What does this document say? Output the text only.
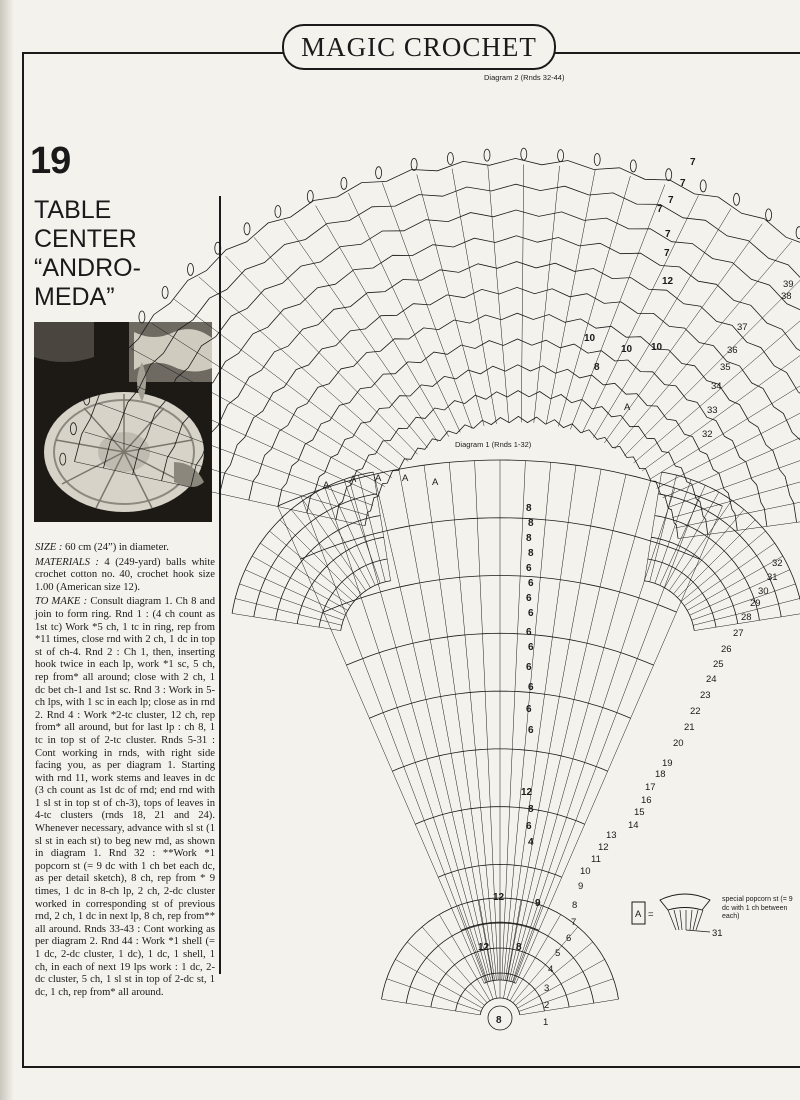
MAGIC CROCHET
19
TABLE
CENTER
“ANDRO-
MEDA”

SIZE : 60 cm (24”) in diameter.

MATERIALS : 4 (249-yard) balls white crochet cotton no. 40, crochet hook size 1.00 (American size 12).

TO MAKE : Consult diagram 1. Ch 8 and join to form ring. Rnd 1 : (4 ch count as 1st tc) Work *5 ch, 1 tc in ring, rep from *11 times, close rnd with 2 ch, 1 dc in top st of ch-4. Rnd 2 : Ch 1, then, inserting hook twice in each lp, work *1 sc, 5 ch, rep from* all around; close with 2 ch, 1 dc bet ch-1 and 1st sc. Rnd 3 : Work in 5-ch lps, with 1 sc in each lp; close as in rnd 2. Rnd 4 : Work *2-tc cluster, 12 ch, rep from* all around, but for last lp : ch 8, 1 tc in top st of 2-tc cluster. Rnds 5-31 : Cont working in rnds, with right side facing you, as per diagram 1. Starting with rnd 11, work stems and leaves in dc (3 ch count as 1st dc of rnd; end rnd with 1 sl st in top st of ch-3), tops of leaves in 4-tc clusters (rnds 18, 21 and 24). Whenever necessary, advance with sl st (1 sl st in each st) to beg new rnd, as shown in diagram 1. Rnd 32 : **Work *1 popcorn st (= 9 dc with 1 ch bet each dc, as per detail sketch), 8 ch, rep from * 9 times, 1 dc in 8-ch lp, 2 ch, 2-dc cluster worked in corresponding st of previous rnd, 2 ch, 1 dc in next lp, 8 ch, rep from** all around. Rnds 33-43 : Cont working as per diagram 2. Rnd 44 : Work *1 shell (= 1 dc, 2-dc cluster, 1 dc), 1 dc, 1 shell, 1 ch, in each of next 19 lps work : 1 dc, 2-dc cluster, 5 ch, 1 sl st in top of 2-dc st, 1 dc, 1 ch, rep from* all around.

Diagram 2 (Rnds 32-44)
Diagram 1 (Rnds 1-32)
39
38
37
36
35
34
33
32
7
7
7
7
7
7
12
10
10 10
8
A
32
31
30
29
28
27
26
25
24
23
22
21
20
19
18
17
16
15
14
13
12
11
10
9
8
7
6
5
4
3
2
1
8
8
8
8
6
6
6
6
6
6
6
6
6
6
12
8
6
4
12
9
12	8
8
A
A A A A
A =
31
special popcorn st (= 9 dc with 1 ch between each)
